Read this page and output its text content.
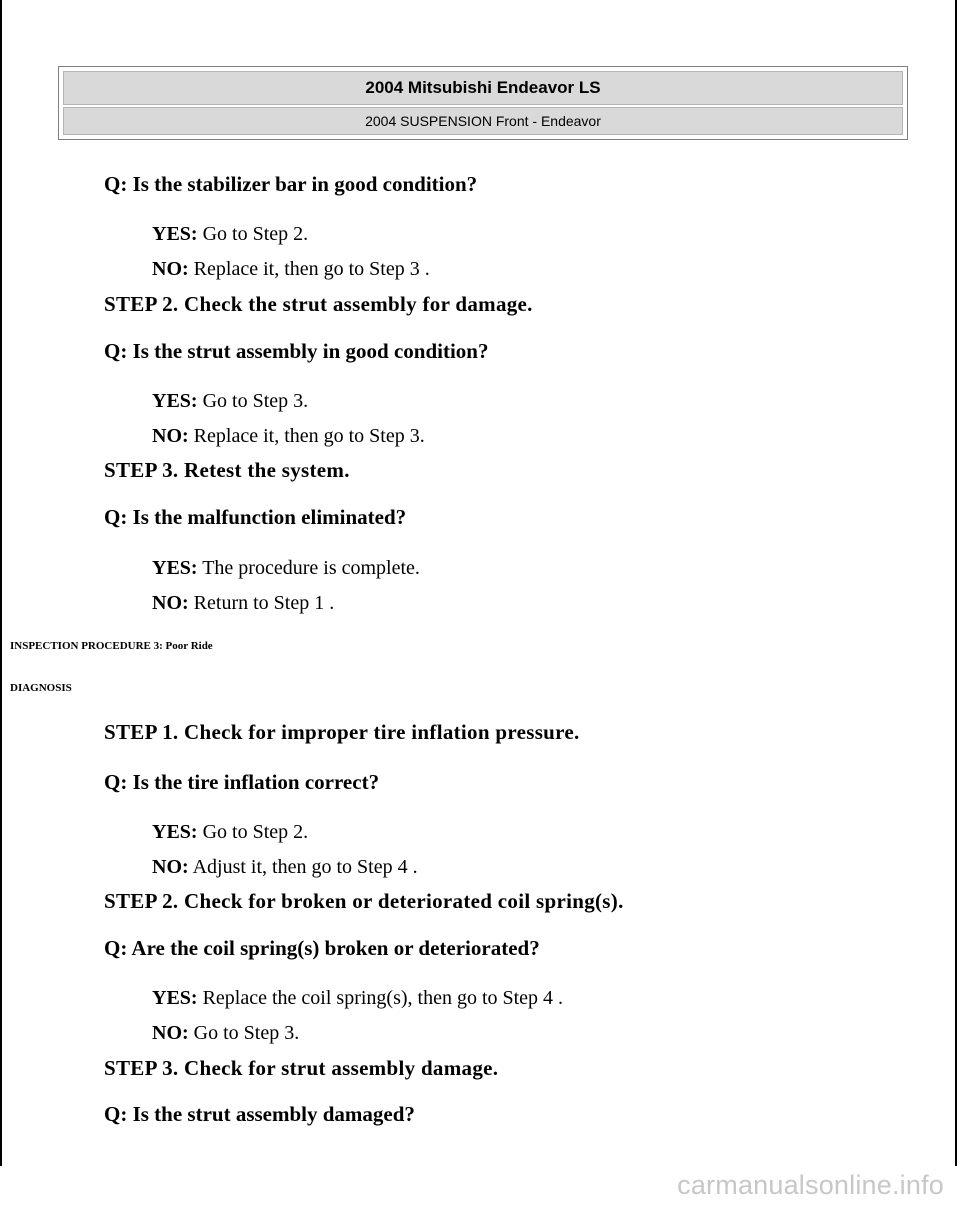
2004 Mitsubishi Endeavor LS
2004 SUSPENSION Front - Endeavor
Q: Is the stabilizer bar in good condition?
YES: Go to Step 2.
NO: Replace it, then go to Step 3 .
STEP 2. Check the strut assembly for damage.
Q: Is the strut assembly in good condition?
YES: Go to Step 3.
NO: Replace it, then go to Step 3.
STEP 3. Retest the system.
Q: Is the malfunction eliminated?
YES: The procedure is complete.
NO: Return to Step 1 .
INSPECTION PROCEDURE 3: Poor Ride
DIAGNOSIS
STEP 1. Check for improper tire inflation pressure.
Q: Is the tire inflation correct?
YES: Go to Step 2.
NO: Adjust it, then go to Step 4 .
STEP 2. Check for broken or deteriorated coil spring(s).
Q: Are the coil spring(s) broken or deteriorated?
YES: Replace the coil spring(s), then go to Step 4 .
NO: Go to Step 3.
STEP 3. Check for strut assembly damage.
Q: Is the strut assembly damaged?
carmanualsonline.info
